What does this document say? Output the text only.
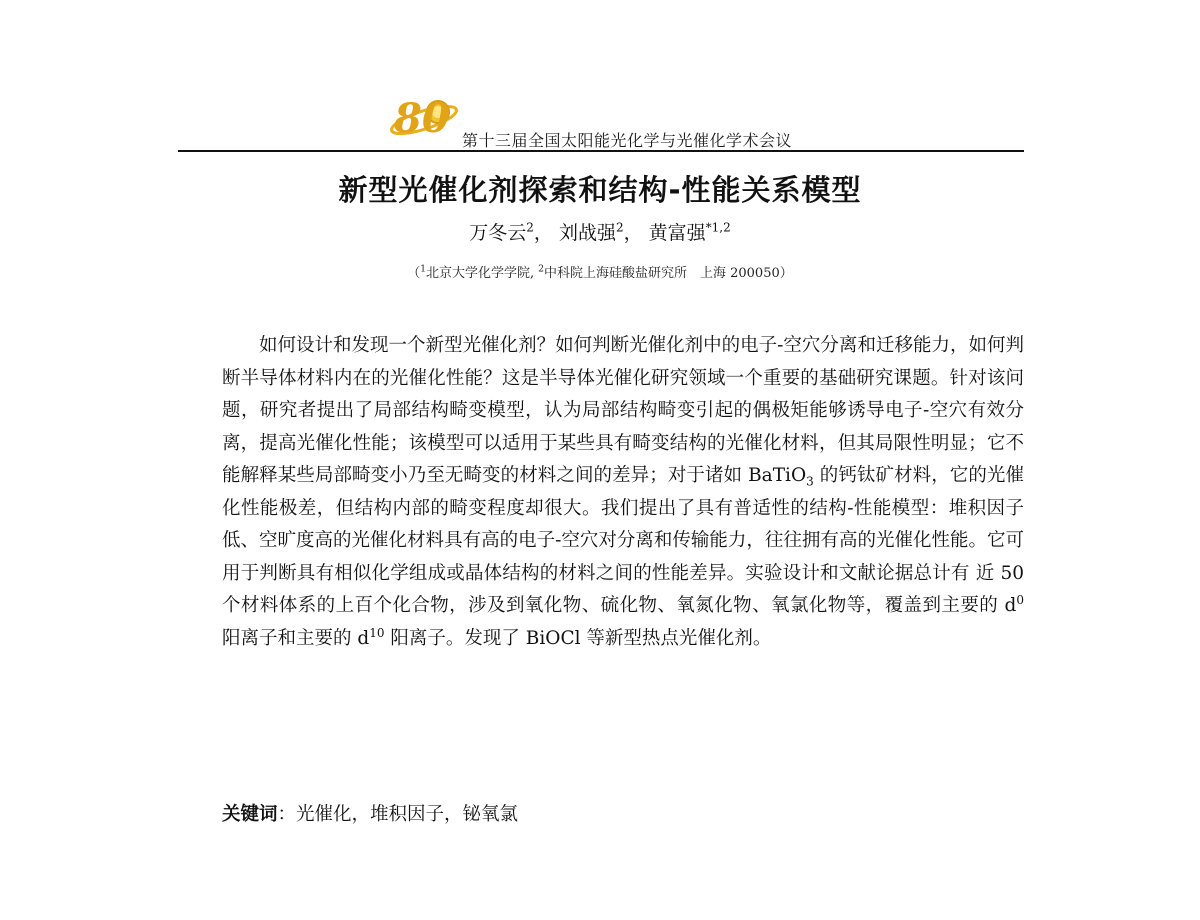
80 第十三届全国太阳能光化学与光催化学术会议
新型光催化剂探索和结构-性能关系模型
万冬云$^2$， 刘战强$^2$， 黄富强$^{*1,2}$
（$^1$北京大学化学学院, $^2$中科院上海硅酸盐研究所　上海 200050）

如何设计和发现一个新型光催化剂？如何判断光催化剂中的电子-空穴分离和迁移能力，如何判断半导体材料内在的光催化性能？这是半导体光催化研究领域一个重要的基础研究课题。针对该问题，研究者提出了局部结构畸变模型，认为局部结构畸变引起的偶极矩能够诱导电子-空穴有效分离，提高光催化性能；该模型可以适用于某些具有畸变结构的光催化材料，但其局限性明显；它不能解释某些局部畸变小乃至无畸变的材料之间的差异；对于诸如 BaTiO$_3$ 的钙钛矿材料，它的光催化性能极差，但结构内部的畸变程度却很大。我们提出了具有普适性的结构-性能模型：堆积因子低、空旷度高的光催化材料具有高的电子-空穴对分离和传输能力，往往拥有高的光催化性能。它可用于判断具有相似化学组成或晶体结构的材料之间的性能差异。实验设计和文献论据总计有 近 50 个材料体系的上百个化合物，涉及到氧化物、硫化物、氧氮化物、氧氯化物等，覆盖到主要的 $d^0$ 阳离子和主要的 $d^{10}$ 阳离子。发现了 BiOCl 等新型热点光催化剂。

关键词：光催化，堆积因子，铋氧氯
